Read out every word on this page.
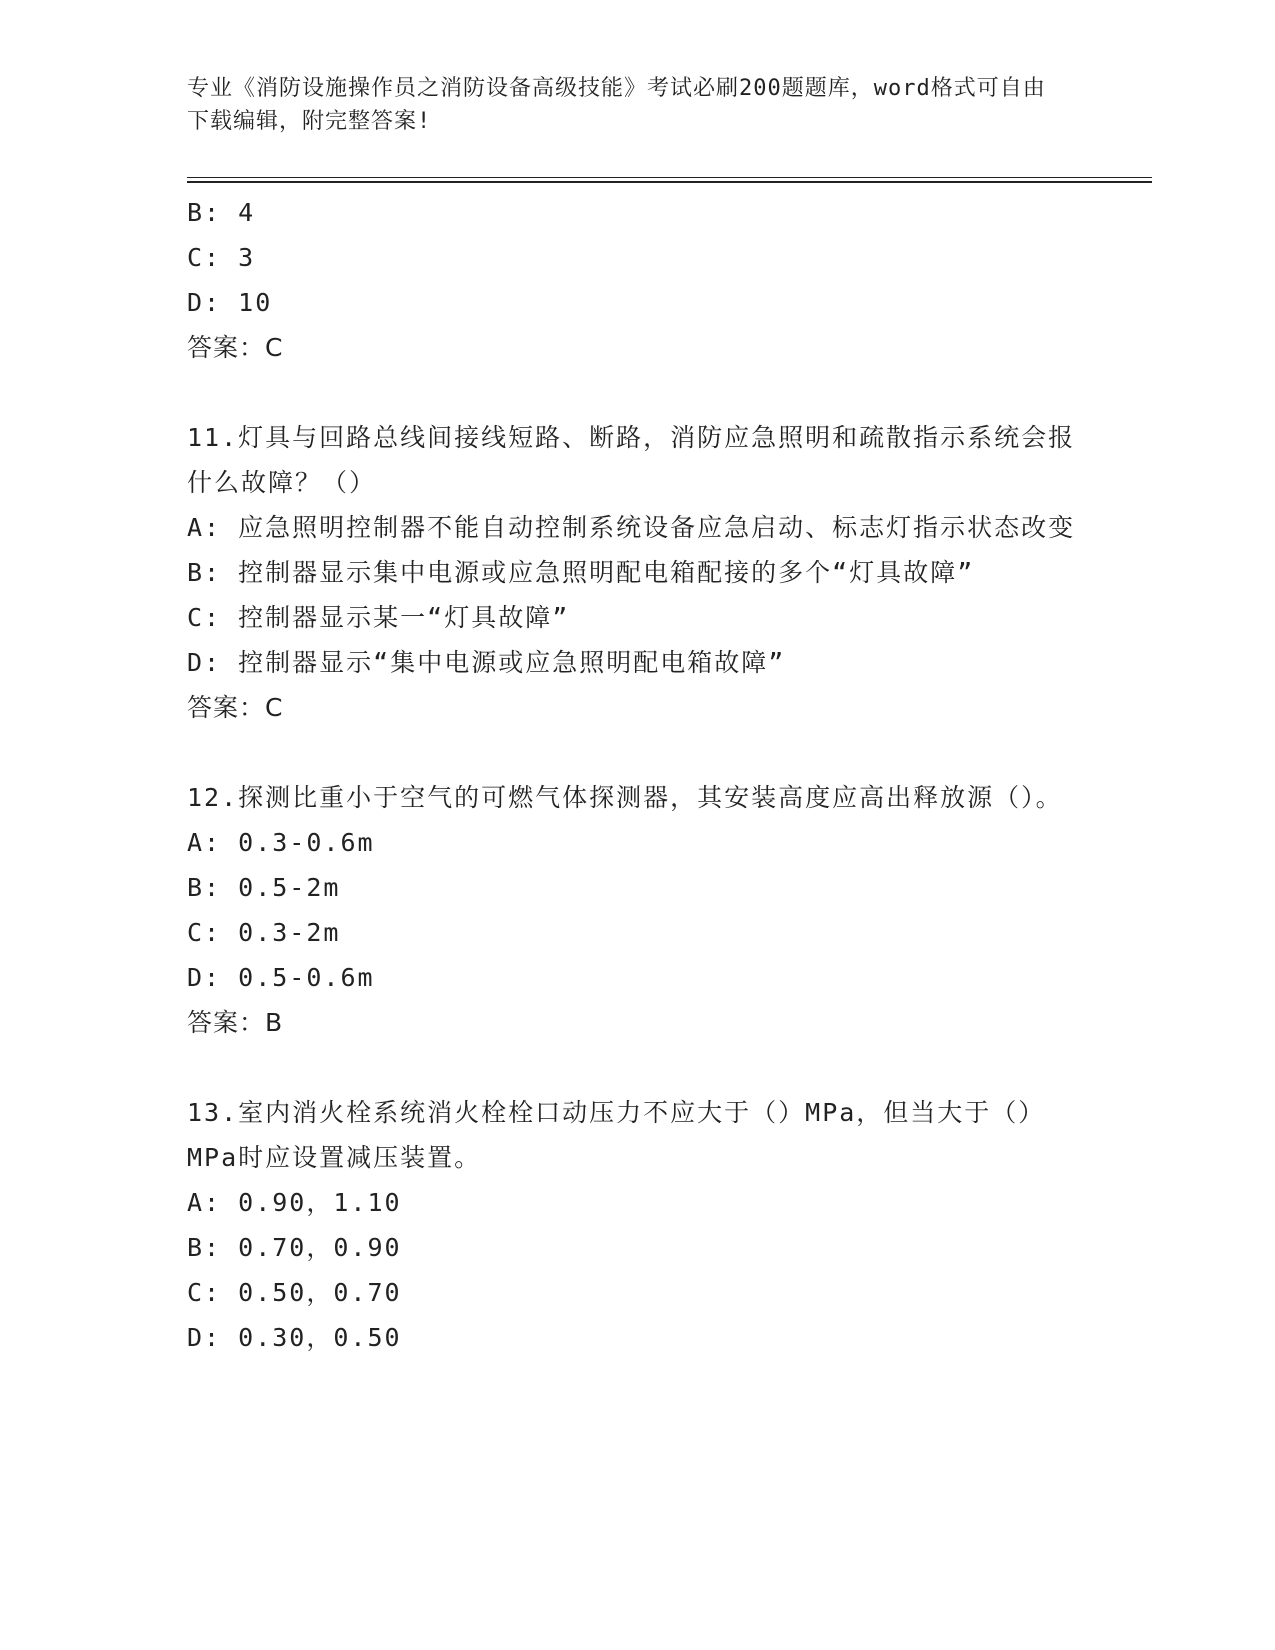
专业《消防设施操作员之消防设备高级技能》考试必刷200题题库，word格式可自由下载编辑，附完整答案!
B: 4
C: 3
D: 10
答案：C
11.灯具与回路总线间接线短路、断路，消防应急照明和疏散指示系统会报什么故障？（）
A: 应急照明控制器不能自动控制系统设备应急启动、标志灯指示状态改变
B: 控制器显示集中电源或应急照明配电箱配接的多个“灯具故障”
C: 控制器显示某一“灯具故障”
D: 控制器显示“集中电源或应急照明配电箱故障”
答案：C
12.探测比重小于空气的可燃气体探测器，其安装高度应高出释放源（）。
A: 0.3-0.6m
B: 0.5-2m
C: 0.3-2m
D: 0.5-0.6m
答案：B
13.室内消火栓系统消火栓栓口动压力不应大于（）MPa，但当大于（）MPa时应设置减压装置。
A: 0.90，1.10
B: 0.70，0.90
C: 0.50，0.70
D: 0.30，0.50
